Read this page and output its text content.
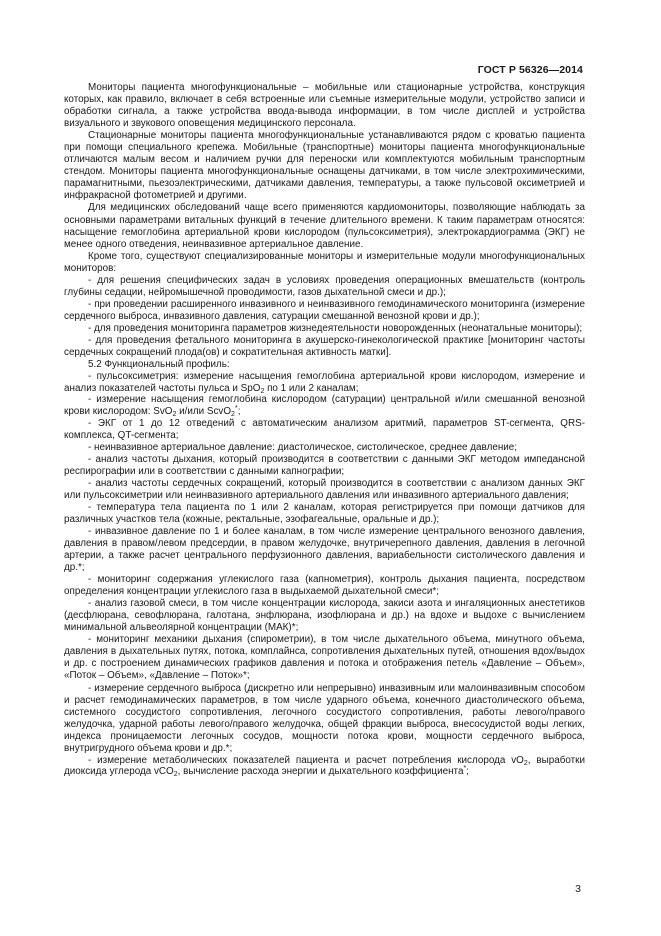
ГОСТ Р 56326—2014

Мониторы пациента многофункциональные – мобильные или стационарные устройства, конструкция которых, как правило, включает в себя встроенные или съемные измерительные модули, устройство записи и обработки сигнала, а также устройства ввода-вывода информации, в том числе дисплей и устройства визуального и звукового оповещения медицинского персонала.

Стационарные мониторы пациента многофункциональные устанавливаются рядом с кроватью пациента при помощи специального крепежа. Мобильные (транспортные) мониторы пациента многофункциональные отличаются малым весом и наличием ручки для переноски или комплектуются мобильным транспортным стендом. Мониторы пациента многофункциональные оснащены датчиками, в том числе электрохимическими, парамагнитными, пьезоэлектрическими, датчиками давления, температуры, а также пульсовой оксиметрией и инфракрасной фотометрией и другими.

Для медицинских обследований чаще всего применяются кардиомониторы, позволяющие наблюдать за основными параметрами витальных функций в течение длительного времени. К таким параметрам относятся: насыщение гемоглобина артериальной крови кислородом (пульсоксиметрия), электрокардиограмма (ЭКГ) не менее одного отведения, неинвазивное артериальное давление.

Кроме того, существуют специализированные мониторы и измерительные модули многофункциональных мониторов:

- для решения специфических задач в условиях проведения операционных вмешательств (контроль глубины седации, нейромышечной проводимости, газов дыхательной смеси и др.);

- при проведении расширенного инвазивного и неинвазивного гемодинамического мониторинга (измерение сердечного выброса, инвазивного давления, сатурации смешанной венозной крови и др.);

- для проведения мониторинга параметров жизнедеятельности новорожденных (неонатальные мониторы);

- для проведения фетального мониторинга в акушерско-гинекологической практике [мониторинг частоты сердечных сокращений плода(ов) и сократительная активность матки].

5.2 Функциональный профиль:

- пульсоксиметрия: измерение насыщения гемоглобина артериальной крови кислородом, измерение и анализ показателей частоты пульса и SpO$_2$ по 1 или 2 каналам;

- измерение насыщения гемоглобина кислородом (сатурации) центральной и/или смешанной венозной крови кислородом: SvO$_2$ и/или ScvO$_2$*;

- ЭКГ от 1 до 12 отведений с автоматическим анализом аритмий, параметров ST-сегмента, QRS-комплекса, QT-сегмента;

- неинвазивное артериальное давление: диастолическое, систолическое, среднее давление;

- анализ частоты дыхания, который производится в соответствии с данными ЭКГ методом импедансной респирографии или в соответствии с данными капнографии;

- анализ частоты сердечных сокращений, который производится в соответствии с анализом данных ЭКГ или пульсоксиметрии или неинвазивного артериального давления или инвазивного артериального давления;

- температура тела пациента по 1 или 2 каналам, которая регистрируется при помощи датчиков для различных участков тела (кожные, ректальные, эзофагеальные, оральные и др.);

- инвазивное давление по 1 и более каналам, в том числе измерение центрального венозного давления, давления в правом/левом предсердии, в правом желудочке, внутричерепного давления, давления в легочной артерии, а также расчет центрального перфузионного давления, вариабельности систолического давления и др.*;

- мониторинг содержания углекислого газа (капнометрия), контроль дыхания пациента, посредством определения концентрации углекислого газа в выдыхаемой дыхательной смеси*;

- анализ газовой смеси, в том числе концентрации кислорода, закиси азота и ингаляционных анестетиков (десфлюрана, севофлюрана, галотана, энфлюрана, изофлюрана и др.) на вдохе и выдохе с вычислением минимальной альвеолярной концентрации (МАК)*;

- мониторинг механики дыхания (спирометрии), в том числе дыхательного объема, минутного объема, давления в дыхательных путях, потока, комплайнса, сопротивления дыхательных путей, отношения вдох/выдох и др. с построением динамических графиков давления и потока и отображения петель «Давление – Объем», «Поток – Объем», «Давление – Поток»*;

- измерение сердечного выброса (дискретно или непрерывно) инвазивным или малоинвазивным способом и расчет гемодинамических параметров, в том числе ударного объема, конечного диастолического объема, системного сосудистого сопротивления, легочного сосудистого сопротивления, работы левого/правого желудочка, ударной работы левого/правого желудочка, общей фракции выброса, внесосудистой воды легких, индекса проницаемости легочных сосудов, мощности потока крови, мощности сердечного выброса, внутригрудного объема крови и др.*;

- измерение метаболических показателей пациента и расчет потребления кислорода $vO_2$, выработки диоксида углерода vCO$_2$, вычисление расхода энергии и дыхательного коэффициента*;

3
